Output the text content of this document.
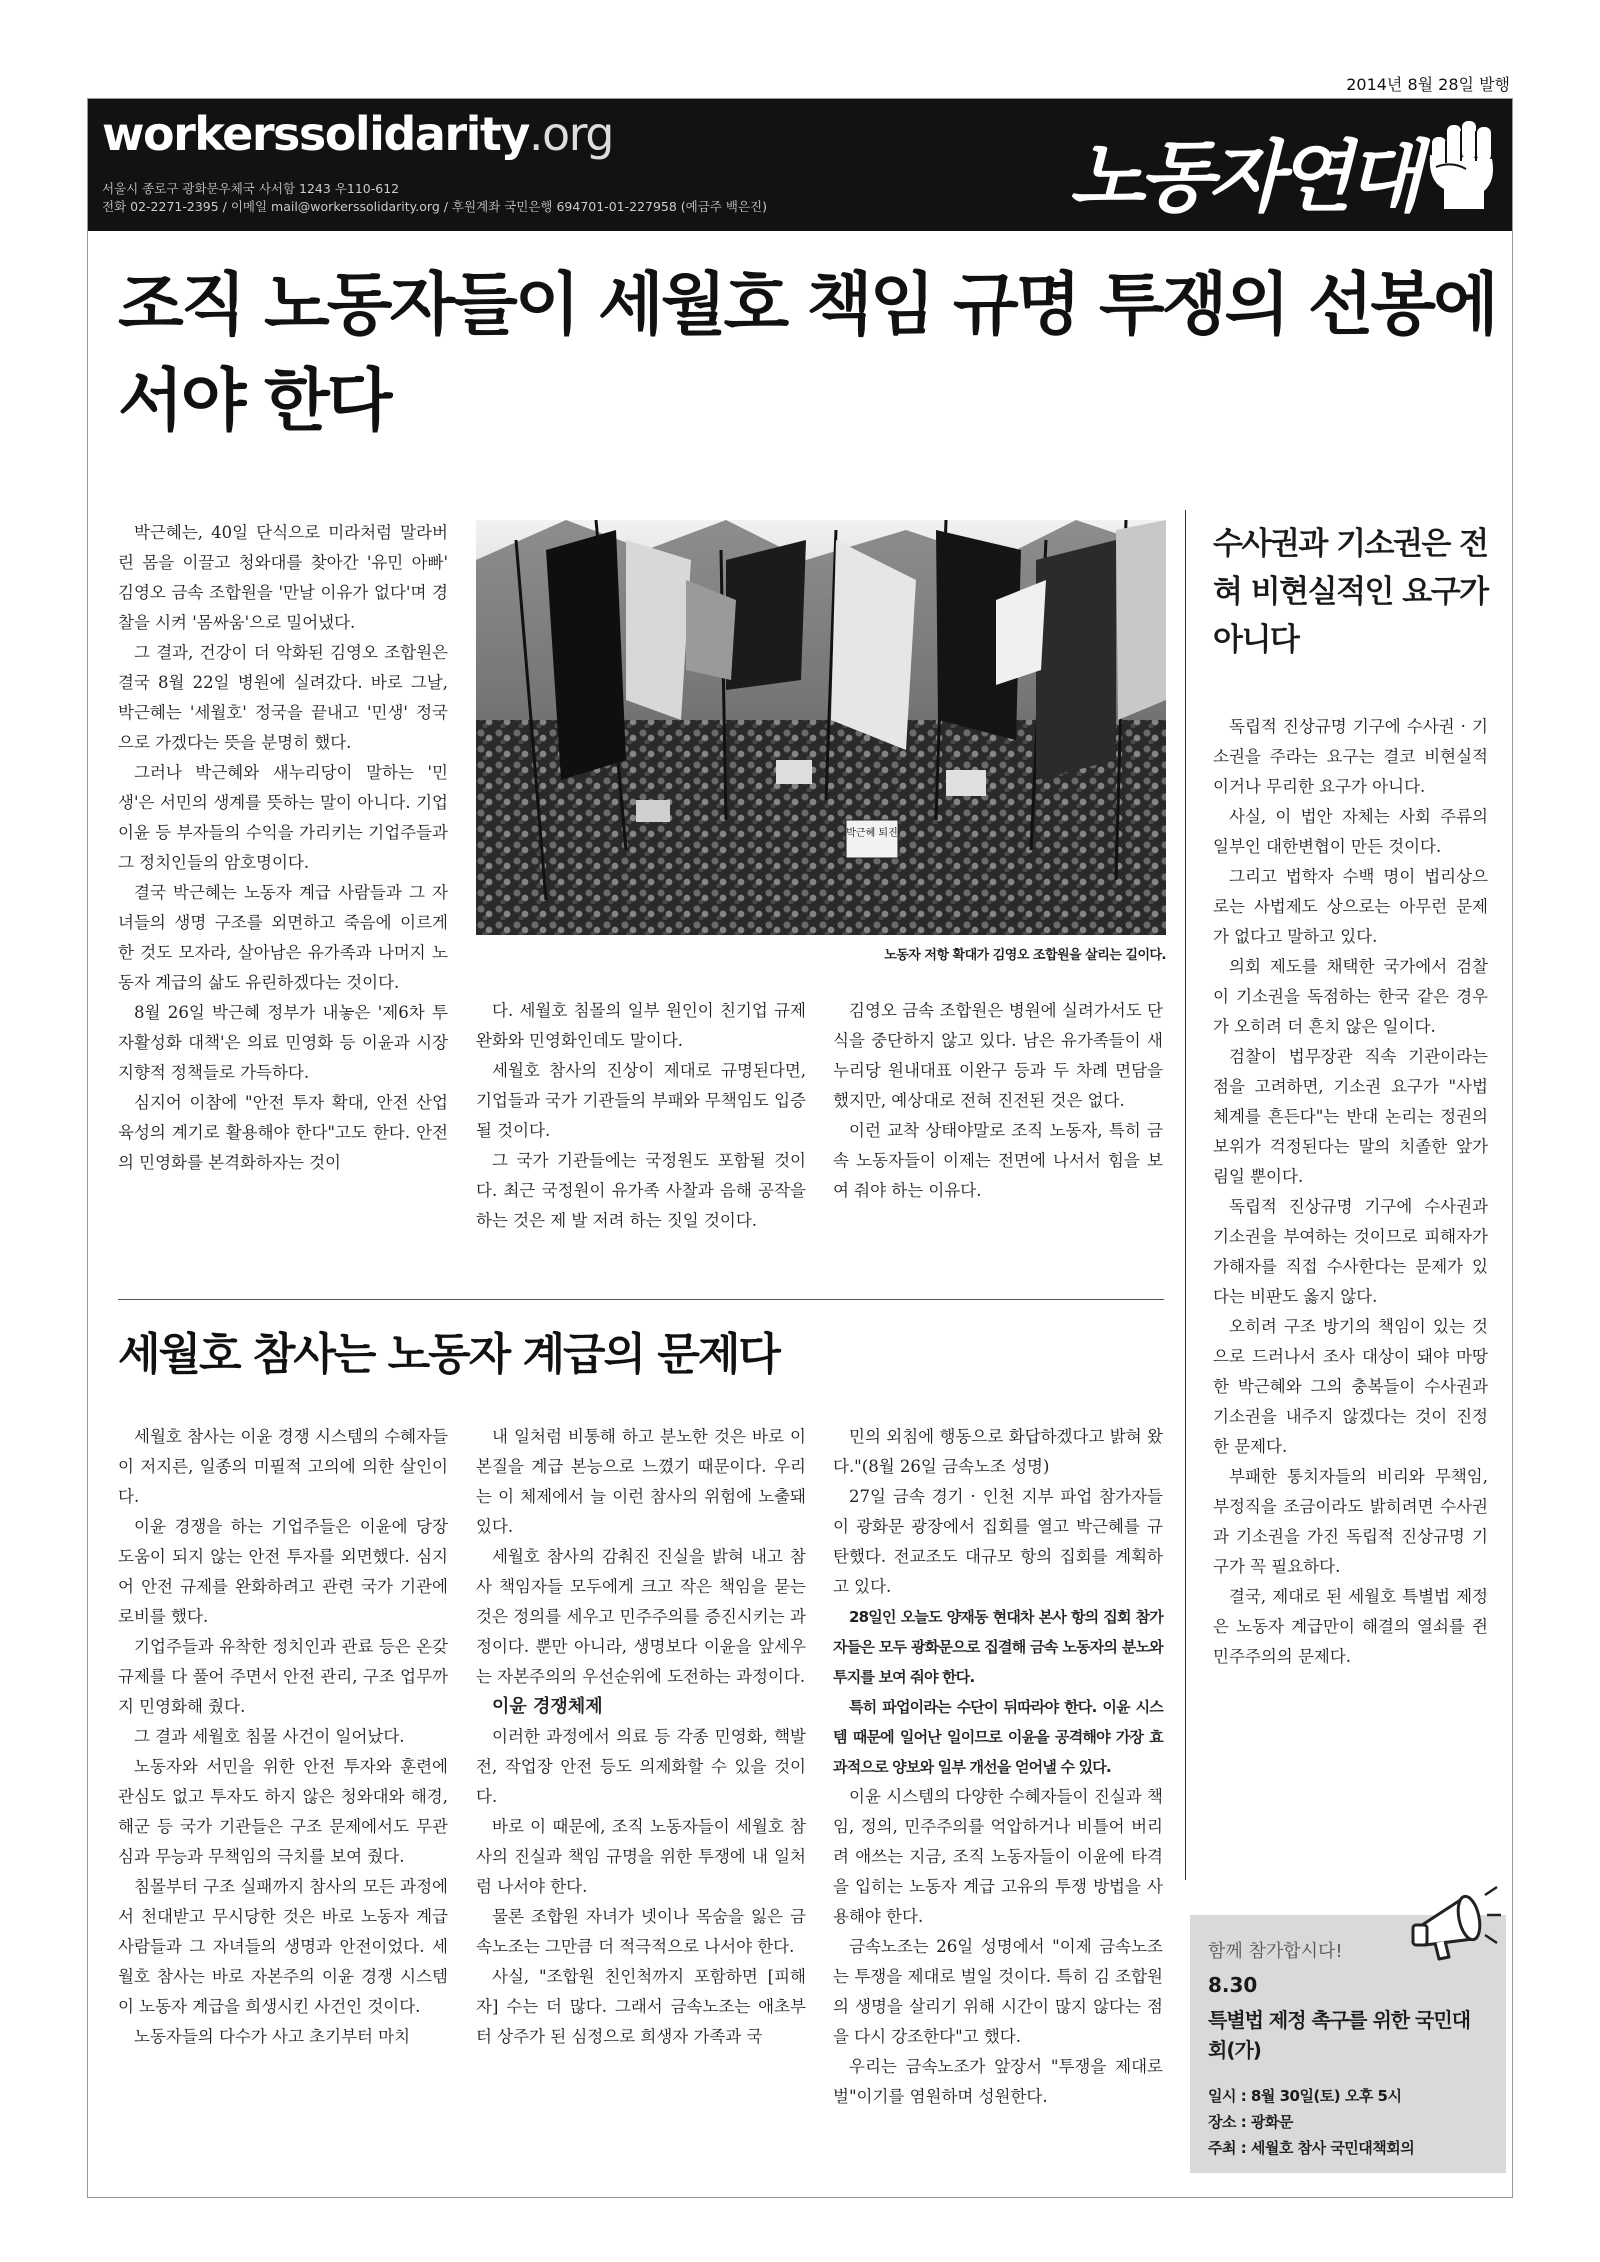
2014년 8월 28일 발행
workerssolidarity.org
서울시 종로구 광화문우체국 사서함 1243 우110-612
전화 02-2271-2395 / 이메일 mail@workerssolidarity.org / 후원계좌 국민은행 694701-01-227958 (예금주 백은진)	노동자연대
조직 노동자들이 세월호 책임 규명 투쟁의 선봉에 서야 한다

박근혜는, 40일 단식으로 미라처럼 말라버린 몸을 이끌고 청와대를 찾아간 '유민 아빠' 김영오 금속 조합원을 '만날 이유가 없다'며 경찰을 시켜 '몸싸움'으로 밀어냈다.

그 결과, 건강이 더 악화된 김영오 조합원은 결국 8월 22일 병원에 실려갔다. 바로 그날, 박근혜는 '세월호' 정국을 끝내고 '민생' 정국으로 가겠다는 뜻을 분명히 했다.

그러나 박근혜와 새누리당이 말하는 '민생'은 서민의 생계를 뜻하는 말이 아니다. 기업 이윤 등 부자들의 수익을 가리키는 기업주들과 그 정치인들의 암호명이다.

결국 박근혜는 노동자 계급 사람들과 그 자녀들의 생명 구조를 외면하고 죽음에 이르게 한 것도 모자라, 살아남은 유가족과 나머지 노동자 계급의 삶도 유린하겠다는 것이다.

8월 26일 박근혜 정부가 내놓은 '제6차 투자활성화 대책'은 의료 민영화 등 이윤과 시장 지향적 정책들로 가득하다.

심지어 이참에 "안전 투자 확대, 안전 산업 육성의 계기로 활용해야 한다"고도 한다. 안전의 민영화를 본격화하자는 것이

박근혜 퇴진
노동자 저항 확대가 김영오 조합원을 살리는 길이다.

다. 세월호 침몰의 일부 원인이 친기업 규제 완화와 민영화인데도 말이다.

세월호 참사의 진상이 제대로 규명된다면, 기업들과 국가 기관들의 부패와 무책임도 입증될 것이다.

그 국가 기관들에는 국정원도 포함될 것이다. 최근 국정원이 유가족 사찰과 음해 공작을 하는 것은 제 발 저려 하는 짓일 것이다.

김영오 금속 조합원은 병원에 실려가서도 단식을 중단하지 않고 있다. 남은 유가족들이 새누리당 원내대표 이완구 등과 두 차례 면담을 했지만, 예상대로 전혀 진전된 것은 없다.

이런 교착 상태야말로 조직 노동자, 특히 금속 노동자들이 이제는 전면에 나서서 힘을 보여 줘야 하는 이유다.

세월호 참사는 노동자 계급의 문제다

세월호 참사는 이윤 경쟁 시스템의 수혜자들이 저지른, 일종의 미필적 고의에 의한 살인이다.

이윤 경쟁을 하는 기업주들은 이윤에 당장 도움이 되지 않는 안전 투자를 외면했다. 심지어 안전 규제를 완화하려고 관련 국가 기관에 로비를 했다.

기업주들과 유착한 정치인과 관료 등은 온갖 규제를 다 풀어 주면서 안전 관리, 구조 업무까지 민영화해 줬다.

그 결과 세월호 침몰 사건이 일어났다.

노동자와 서민을 위한 안전 투자와 훈련에 관심도 없고 투자도 하지 않은 청와대와 해경, 해군 등 국가 기관들은 구조 문제에서도 무관심과 무능과 무책임의 극치를 보여 줬다.

침몰부터 구조 실패까지 참사의 모든 과정에서 천대받고 무시당한 것은 바로 노동자 계급 사람들과 그 자녀들의 생명과 안전이었다. 세월호 참사는 바로 자본주의 이윤 경쟁 시스템이 노동자 계급을 희생시킨 사건인 것이다.

노동자들의 다수가 사고 초기부터 마치

내 일처럼 비통해 하고 분노한 것은 바로 이 본질을 계급 본능으로 느꼈기 때문이다. 우리는 이 체제에서 늘 이런 참사의 위험에 노출돼 있다.

세월호 참사의 감춰진 진실을 밝혀 내고 참사 책임자들 모두에게 크고 작은 책임을 묻는 것은 정의를 세우고 민주주의를 증진시키는 과정이다. 뿐만 아니라, 생명보다 이윤을 앞세우는 자본주의의 우선순위에 도전하는 과정이다.

이윤 경쟁체제

이러한 과정에서 의료 등 각종 민영화, 핵발전, 작업장 안전 등도 의제화할 수 있을 것이다.

바로 이 때문에, 조직 노동자들이 세월호 참사의 진실과 책임 규명을 위한 투쟁에 내 일처럼 나서야 한다.

물론 조합원 자녀가 넷이나 목숨을 잃은 금속노조는 그만큼 더 적극적으로 나서야 한다.

사실, "조합원 친인척까지 포함하면 [피해자] 수는 더 많다. 그래서 금속노조는 애초부터 상주가 된 심정으로 희생자 가족과 국

민의 외침에 행동으로 화답하겠다고 밝혀 왔다."(8월 26일 금속노조 성명)

27일 금속 경기 · 인천 지부 파업 참가자들이 광화문 광장에서 집회를 열고 박근혜를 규탄했다. 전교조도 대규모 항의 집회를 계획하고 있다.

28일인 오늘도 양재동 현대차 본사 항의 집회 참가자들은 모두 광화문으로 집결해 금속 노동자의 분노와 투지를 보여 줘야 한다.

특히 파업이라는 수단이 뒤따라야 한다. 이윤 시스템 때문에 일어난 일이므로 이윤을 공격해야 가장 효과적으로 양보와 일부 개선을 얻어낼 수 있다.

이윤 시스템의 다양한 수혜자들이 진실과 책임, 정의, 민주주의를 억압하거나 비틀어 버리려 애쓰는 지금, 조직 노동자들이 이윤에 타격을 입히는 노동자 계급 고유의 투쟁 방법을 사용해야 한다.

금속노조는 26일 성명에서 "이제 금속노조는 투쟁을 제대로 벌일 것이다. 특히 김 조합원의 생명을 살리기 위해 시간이 많지 않다는 점을 다시 강조한다"고 했다.

우리는 금속노조가 앞장서 "투쟁을 제대로 벌"이기를 염원하며 성원한다.

수사권과 기소권은 전혀 비현실적인 요구가 아니다

독립적 진상규명 기구에 수사권 · 기소권을 주라는 요구는 결코 비현실적이거나 무리한 요구가 아니다.

사실, 이 법안 자체는 사회 주류의 일부인 대한변협이 만든 것이다.

그리고 법학자 수백 명이 법리상으로는 사법제도 상으로는 아무런 문제가 없다고 말하고 있다.

의회 제도를 채택한 국가에서 검찰이 기소권을 독점하는 한국 같은 경우가 오히려 더 흔치 않은 일이다.

검찰이 법무장관 직속 기관이라는 점을 고려하면, 기소권 요구가 "사법 체계를 흔든다"는 반대 논리는 정권의 보위가 걱정된다는 말의 치졸한 앞가림일 뿐이다.

독립적 진상규명 기구에 수사권과 기소권을 부여하는 것이므로 피해자가 가해자를 직접 수사한다는 문제가 있다는 비판도 옳지 않다.

오히려 구조 방기의 책임이 있는 것으로 드러나서 조사 대상이 돼야 마땅한 박근혜와 그의 충복들이 수사권과 기소권을 내주지 않겠다는 것이 진정한 문제다.

부패한 통치자들의 비리와 무책임, 부정직을 조금이라도 밝히려면 수사권과 기소권을 가진 독립적 진상규명 기구가 꼭 필요하다.

결국, 제대로 된 세월호 특별법 제정은 노동자 계급만이 해결의 열쇠를 쥔 민주주의의 문제다.

함께 참가합시다!
8.30
특별법 제정 촉구를 위한 국민대회(가)
일시 : 8월 30일(토) 오후 5시
장소 : 광화문
주최 : 세월호 참사 국민대책회의
